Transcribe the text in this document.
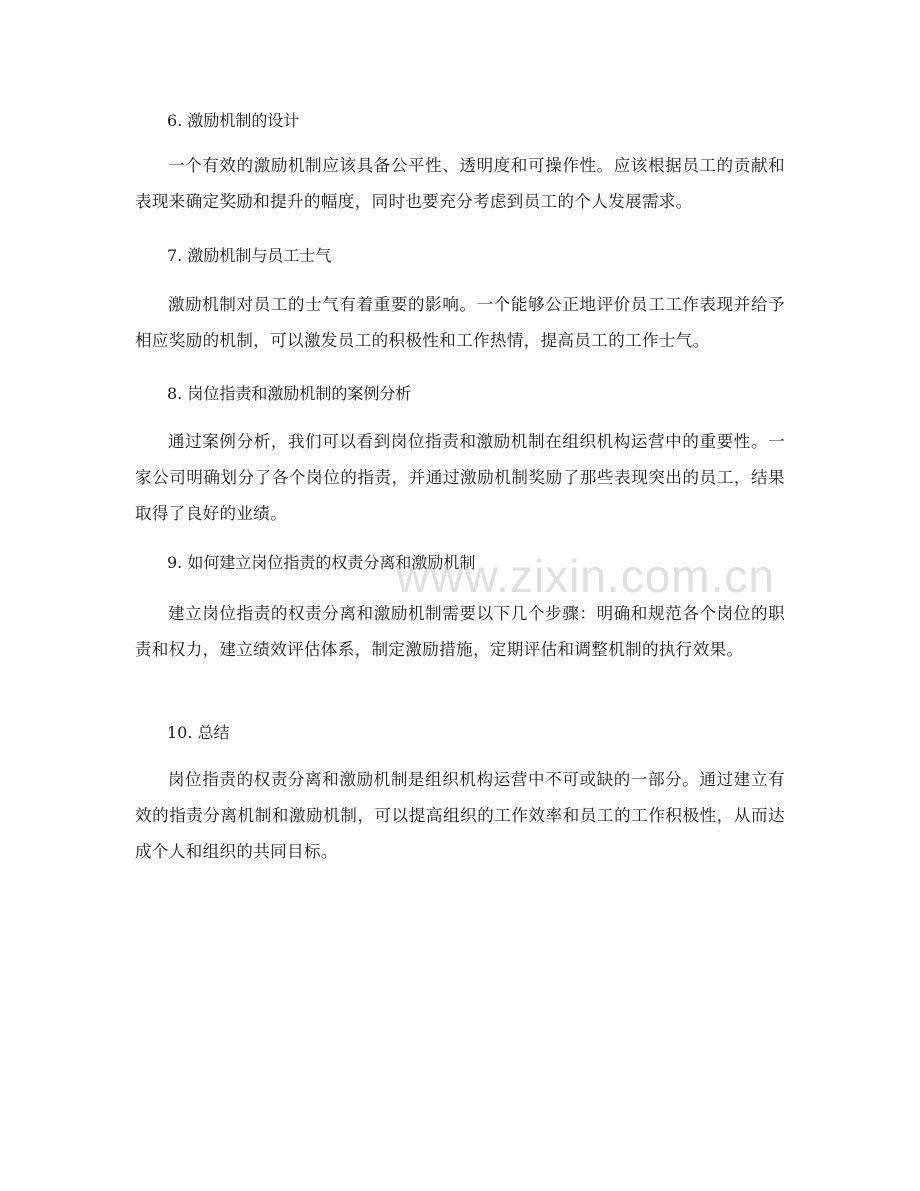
6. 激励机制的设计
一个有效的激励机制应该具备公平性、透明度和可操作性。应该根据员工的贡献和表现来确定奖励和提升的幅度，同时也要充分考虑到员工的个人发展需求。
7. 激励机制与员工士气
激励机制对员工的士气有着重要的影响。一个能够公正地评价员工工作表现并给予相应奖励的机制，可以激发员工的积极性和工作热情，提高员工的工作士气。
8. 岗位指责和激励机制的案例分析
通过案例分析，我们可以看到岗位指责和激励机制在组织机构运营中的重要性。一家公司明确划分了各个岗位的指责，并通过激励机制奖励了那些表现突出的员工，结果取得了良好的业绩。
9. 如何建立岗位指责的权责分离和激励机制
建立岗位指责的权责分离和激励机制需要以下几个步骤：明确和规范各个岗位的职责和权力，建立绩效评估体系，制定激励措施，定期评估和调整机制的执行效果。
10. 总结
岗位指责的权责分离和激励机制是组织机构运营中不可或缺的一部分。通过建立有效的指责分离机制和激励机制，可以提高组织的工作效率和员工的工作积极性，从而达成个人和组织的共同目标。
www.zixin.com.cn
